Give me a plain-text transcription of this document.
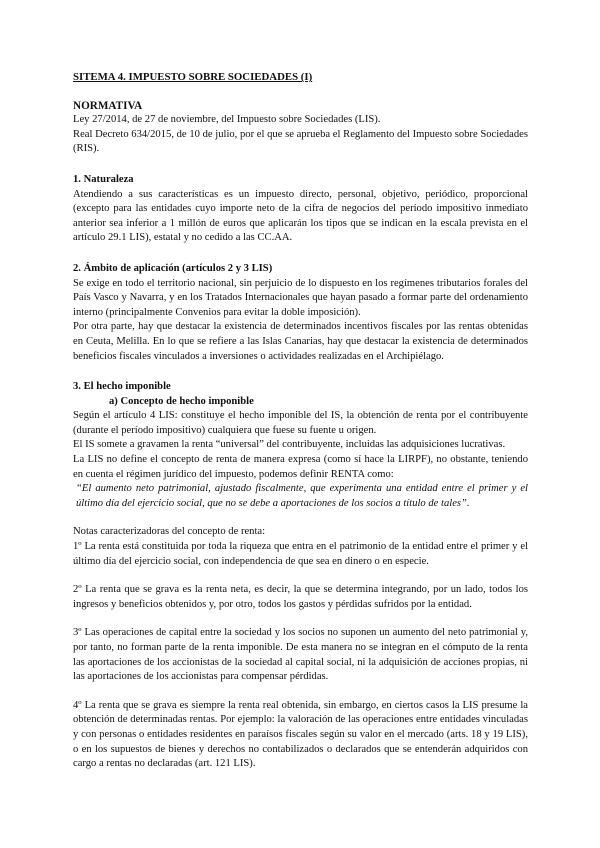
SITEMA 4. IMPUESTO SOBRE SOCIEDADES (I)

NORMATIVA

Ley 27/2014, de 27 de noviembre, del Impuesto sobre Sociedades (LIS).

Real Decreto 634/2015, de 10 de julio, por el que se aprueba el Reglamento del Impuesto sobre Sociedades (RIS).

1. Naturaleza

Atendiendo a sus características es un impuesto directo, personal, objetivo, periódico, proporcional (excepto para las entidades cuyo importe neto de la cifra de negocios del período impositivo inmediato anterior sea inferior a 1 millón de euros que aplicarán los tipos que se indican en la escala prevista en el artículo 29.1 LIS), estatal y no cedido a las CC.AA.

2. Ámbito de aplicación (artículos 2 y 3 LIS)

Se exige en todo el territorio nacional, sin perjuicio de lo dispuesto en los regímenes tributarios forales del País Vasco y Navarra, y en los Tratados Internacionales que hayan pasado a formar parte del ordenamiento interno (principalmente Convenios para evitar la doble imposición).

Por otra parte, hay que destacar la existencia de determinados incentivos fiscales por las rentas obtenidas en Ceuta, Melilla. En lo que se refiere a las Islas Canarias, hay que destacar la existencia de determinados beneficios fiscales vinculados a inversiones o actividades realizadas en el Archipiélago.

3. El hecho imponible

a) Concepto de hecho imponible

Según el artículo 4 LIS: constituye el hecho imponible del IS, la obtención de renta por el contribuyente (durante el período impositivo) cualquiera que fuese su fuente u origen.

El IS somete a gravamen la renta “universal” del contribuyente, incluidas las adquisiciones lucrativas.

La LIS no define el concepto de renta de manera expresa (como sí hace la LIRPF), no obstante, teniendo en cuenta el régimen jurídico del impuesto, podemos definir RENTA como:

“El aumento neto patrimonial, ajustado fiscalmente, que experimenta una entidad entre el primer y el último día del ejercicio social, que no se debe a aportaciones de los socios a título de tales”.

Notas caracterizadoras del concepto de renta:

1º La renta está constituida por toda la riqueza que entra en el patrimonio de la entidad entre el primer y el último día del ejercicio social, con independencia de que sea en dinero o en especie.

2º La renta que se grava es la renta neta, es decir, la que se determina integrando, por un lado, todos los ingresos y beneficios obtenidos y, por otro, todos los gastos y pérdidas sufridos por la entidad.

3º Las operaciones de capital entre la sociedad y los socios no suponen un aumento del neto patrimonial y, por tanto, no forman parte de la renta imponible. De esta manera no se integran en el cómputo de la renta las aportaciones de los accionistas de la sociedad al capital social, ni la adquisición de acciones propias, ni las aportaciones de los accionistas para compensar pérdidas.

4º La renta que se grava es siempre la renta real obtenida, sin embargo, en ciertos casos la LIS presume la obtención de determinadas rentas. Por ejemplo: la valoración de las operaciones entre entidades vinculadas y con personas o entidades residentes en paraísos fiscales según su valor en el mercado (arts. 18 y 19 LIS), o en los supuestos de bienes y derechos no contabilizados o declarados que se entenderán adquiridos con cargo a rentas no declaradas (art. 121 LIS).
